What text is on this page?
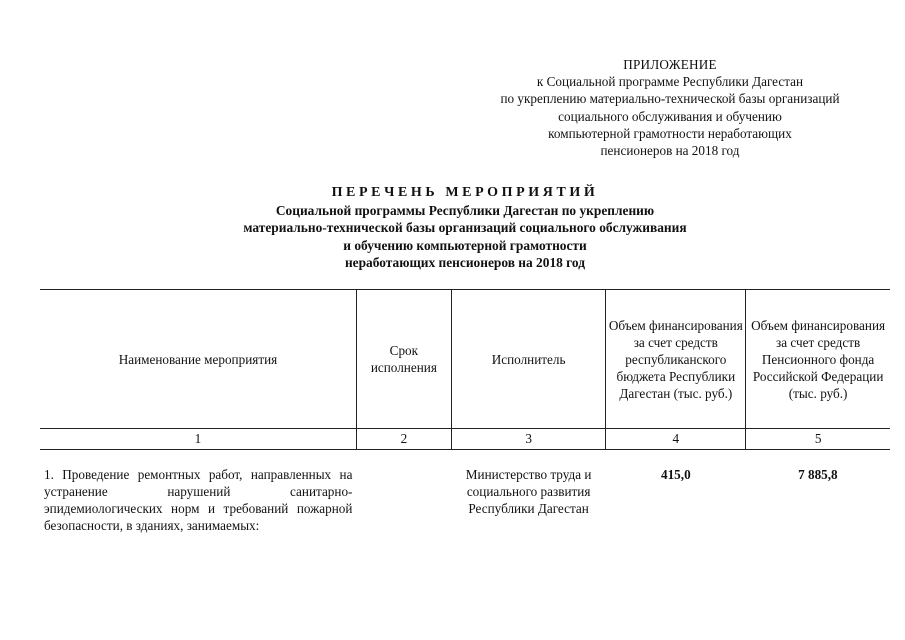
ПРИЛОЖЕНИЕ
к Социальной программе Республики Дагестан
по укреплению материально-технической базы организаций
социального обслуживания и обучению
компьютерной грамотности неработающих
пенсионеров на 2018 год
ПЕРЕЧЕНЬ МЕРОПРИЯТИЙ
Социальной программы Республики Дагестан по укреплению
материально-технической базы организаций социального обслуживания
и обучению компьютерной грамотности
неработающих пенсионеров на 2018 год
Наименование мероприятия	Срок исполнения	Исполнитель	Объем финансирования за счет средств республиканского бюджета Республики Дагестан (тыс. руб.)	Объем финансирования за счет средств Пенсионного фонда Российской Федерации (тыс. руб.)
1	2	3	4	5

1. Проведение ремонтных работ, направленных на устранение нарушений санитарно-эпидемиологических норм и требований пожарной безопасности, в зданиях, занимаемых:		Министерство труда и социального развития Республики Дагестан	415,0	7 885,8
